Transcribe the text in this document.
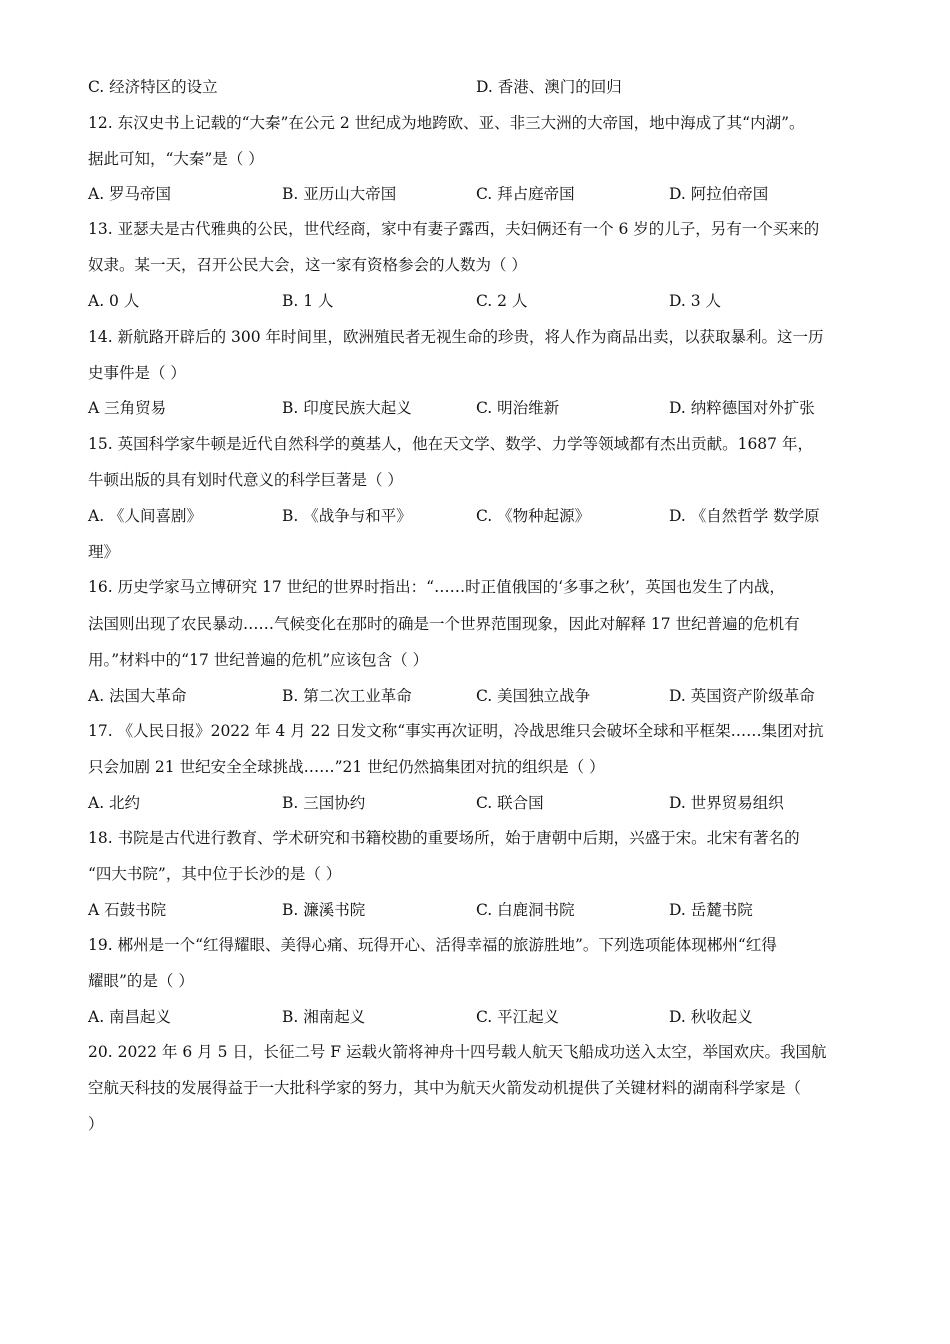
C. 经济特区的设立	D. 香港、澳门的回归
12. 东汉史书上记载的“大秦”在公元 2 世纪成为地跨欧、亚、非三大洲的大帝国，地中海成了其“内湖”。
据此可知，“大秦”是（ ）
A. 罗马帝国	B. 亚历山大帝国	C. 拜占庭帝国	D. 阿拉伯帝国
13. 亚瑟夫是古代雅典的公民，世代经商，家中有妻子露西，夫妇俩还有一个 6 岁的儿子，另有一个买来的
奴隶。某一天，召开公民大会，这一家有资格参会的人数为（ ）
A. 0 人	B. 1 人	C. 2 人	D. 3 人
14. 新航路开辟后的 300 年时间里，欧洲殖民者无视生命的珍贵，将人作为商品出卖，以获取暴利。这一历
史事件是（ ）
A 三角贸易	B. 印度民族大起义	C. 明治维新	D. 纳粹德国对外扩张
15. 英国科学家牛顿是近代自然科学的奠基人，他在天文学、数学、力学等领域都有杰出贡献。1687 年，
牛顿出版的具有划时代意义的科学巨著是（ ）
A. 《人间喜剧》	B. 《战争与和平》	C. 《物种起源》	D. 《自然哲学 数学原
理》
16. 历史学家马立博研究 17 世纪的世界时指出：“……时正值俄国的‘多事之秋’，英国也发生了内战，
法国则出现了农民暴动……气候变化在那时的确是一个世界范围现象，因此对解释 17 世纪普遍的危机有
用。”材料中的“17 世纪普遍的危机”应该包含（ ）
A. 法国大革命	B. 第二次工业革命	C. 美国独立战争	D. 英国资产阶级革命
17. 《人民日报》2022 年 4 月 22 日发文称“事实再次证明，冷战思维只会破坏全球和平框架……集团对抗
只会加剧 21 世纪安全全球挑战……”21 世纪仍然搞集团对抗的组织是（ ）
A. 北约	B. 三国协约	C. 联合国	D. 世界贸易组织
18. 书院是古代进行教育、学术研究和书籍校勘的重要场所，始于唐朝中后期，兴盛于宋。北宋有著名的
“四大书院”，其中位于长沙的是（ ）
A 石鼓书院	B. 濂溪书院	C. 白鹿洞书院	D. 岳麓书院
19. 郴州是一个“红得耀眼、美得心痛、玩得开心、活得幸福的旅游胜地”。下列选项能体现郴州“红得
耀眼”的是（ ）
A. 南昌起义	B. 湘南起义	C. 平江起义	D. 秋收起义
20. 2022 年 6 月 5 日，长征二号 F 运载火箭将神舟十四号载人航天飞船成功送入太空，举国欢庆。我国航
空航天科技的发展得益于一大批科学家的努力，其中为航天火箭发动机提供了关键材料的湖南科学家是（
）
